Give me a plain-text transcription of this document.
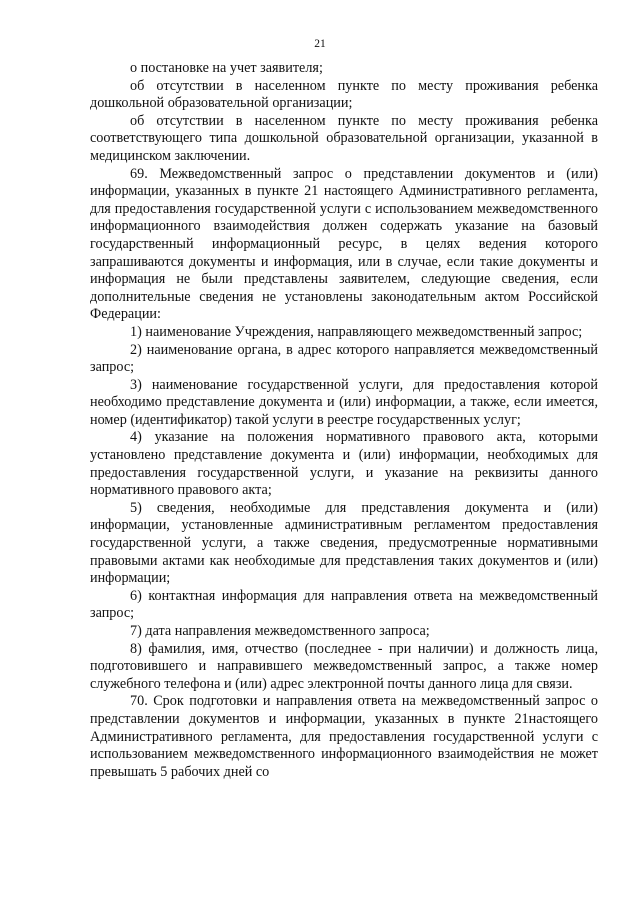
21

о постановке на учет заявителя;

об отсутствии в населенном пункте по месту проживания ребенка дошкольной образовательной организации;

об отсутствии в населенном пункте по месту проживания ребенка соответствующего типа дошкольной образовательной организации, указанной в медицинском заключении.

69. Межведомственный запрос о представлении документов и (или) информации, указанных в пункте 21 настоящего Административного регламента, для предоставления государственной услуги с использованием межведомственного информационного взаимодействия должен содержать указание на базовый государственный информационный ресурс, в целях ведения которого запрашиваются документы и информация, или в случае, если такие документы и информация не были представлены заявителем, следующие сведения, если дополнительные сведения не установлены законодательным актом Российской Федерации:

1) наименование Учреждения, направляющего межведомственный запрос;

2) наименование органа, в адрес которого направляется межведомственный запрос;

3) наименование государственной услуги, для предоставления которой необходимо представление документа и (или) информации, а также, если имеется, номер (идентификатор) такой услуги в реестре государственных услуг;

4) указание на положения нормативного правового акта, которыми установлено представление документа и (или) информации, необходимых для предоставления государственной услуги, и указание на реквизиты данного нормативного правового акта;

5) сведения, необходимые для представления документа и (или) информации, установленные административным регламентом предоставления государственной услуги, а также сведения, предусмотренные нормативными правовыми актами как необходимые для представления таких документов и (или) информации;

6) контактная информация для направления ответа на межведомственный запрос;

7) дата направления межведомственного запроса;

8) фамилия, имя, отчество (последнее - при наличии) и должность лица, подготовившего и направившего межведомственный запрос, а также номер служебного телефона и (или) адрес электронной почты данного лица для связи.

70. Срок подготовки и направления ответа на межведомственный запрос о представлении документов и информации, указанных в пункте 21настоящего Административного регламента, для предоставления государственной услуги с использованием межведомственного информационного взаимодействия не может превышать 5 рабочих дней со
